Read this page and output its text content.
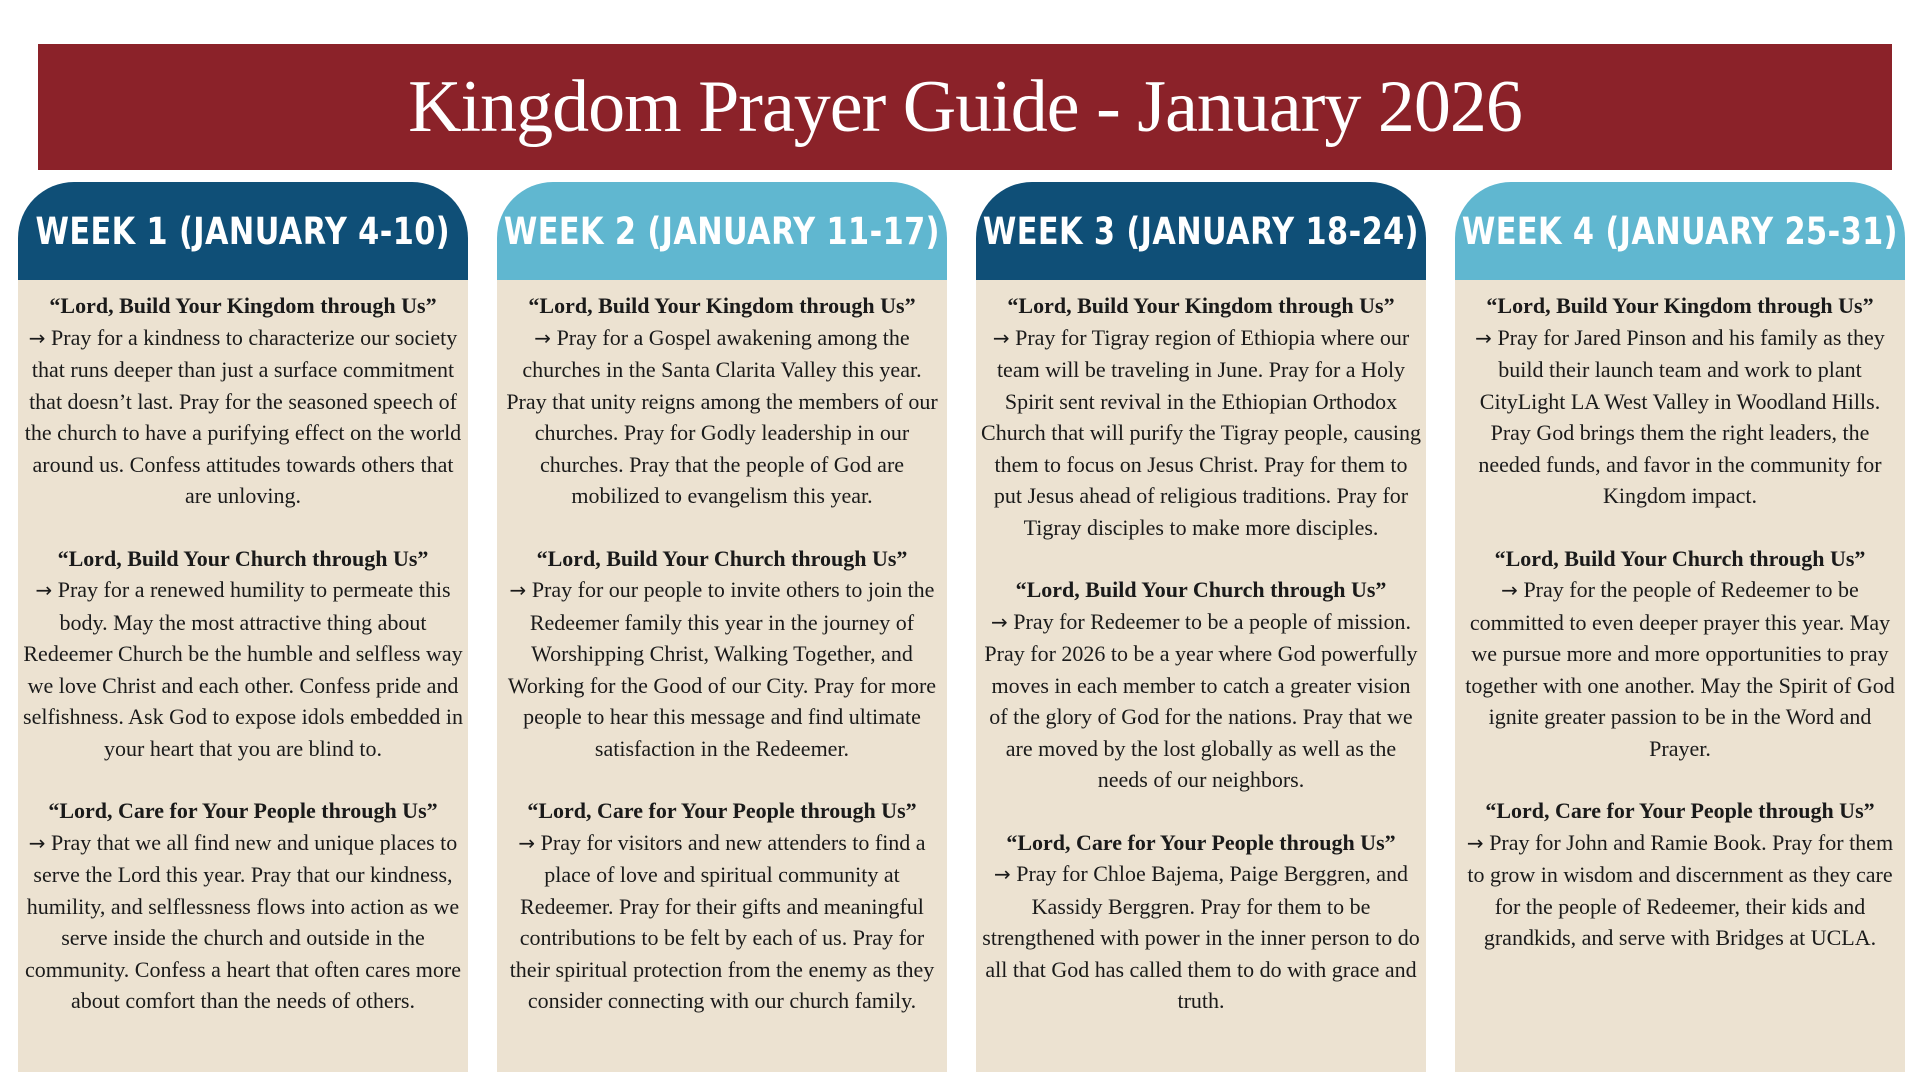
Kingdom Prayer Guide - January 2026
WEEK 1 (JANUARY 4-10)
“Lord, Build Your Kingdom through Us”
→ Pray for a kindness to characterize our society that runs deeper than just a surface commitment that doesn’t last. Pray for the seasoned speech of the church to have a purifying effect on the world around us. Confess attitudes towards others that are unloving.
“Lord, Build Your Church through Us”
→ Pray for a renewed humility to permeate this body. May the most attractive thing about Redeemer Church be the humble and selfless way we love Christ and each other. Confess pride and selfishness. Ask God to expose idols embedded in your heart that you are blind to.
“Lord, Care for Your People through Us”
→ Pray that we all find new and unique places to serve the Lord this year. Pray that our kindness, humility, and selflessness flows into action as we serve inside the church and outside in the community. Confess a heart that often cares more about comfort than the needs of others.
WEEK 2 (JANUARY 11-17)
“Lord, Build Your Kingdom through Us”
→ Pray for a Gospel awakening among the churches in the Santa Clarita Valley this year. Pray that unity reigns among the members of our churches. Pray for Godly leadership in our churches. Pray that the people of God are mobilized to evangelism this year.
“Lord, Build Your Church through Us”
→ Pray for our people to invite others to join the Redeemer family this year in the journey of Worshipping Christ, Walking Together, and Working for the Good of our City. Pray for more people to hear this message and find ultimate satisfaction in the Redeemer.
“Lord, Care for Your People through Us”
→ Pray for visitors and new attenders to find a place of love and spiritual community at Redeemer. Pray for their gifts and meaningful contributions to be felt by each of us. Pray for their spiritual protection from the enemy as they consider connecting with our church family.
WEEK 3 (JANUARY 18-24)
“Lord, Build Your Kingdom through Us”
→ Pray for Tigray region of Ethiopia where our team will be traveling in June. Pray for a Holy Spirit sent revival in the Ethiopian Orthodox Church that will purify the Tigray people, causing them to focus on Jesus Christ. Pray for them to put Jesus ahead of religious traditions. Pray for Tigray disciples to make more disciples.
“Lord, Build Your Church through Us”
→ Pray for Redeemer to be a people of mission. Pray for 2026 to be a year where God powerfully moves in each member to catch a greater vision of the glory of God for the nations. Pray that we are moved by the lost globally as well as the needs of our neighbors.
“Lord, Care for Your People through Us”
→ Pray for Chloe Bajema, Paige Berggren, and Kassidy Berggren. Pray for them to be strengthened with power in the inner person to do all that God has called them to do with grace and truth.
WEEK 4 (JANUARY 25-31)
“Lord, Build Your Kingdom through Us”
→ Pray for Jared Pinson and his family as they build their launch team and work to plant CityLight LA West Valley in Woodland Hills. Pray God brings them the right leaders, the needed funds, and favor in the community for Kingdom impact.
“Lord, Build Your Church through Us”
→ Pray for the people of Redeemer to be committed to even deeper prayer this year. May we pursue more and more opportunities to pray together with one another. May the Spirit of God ignite greater passion to be in the Word and Prayer.
“Lord, Care for Your People through Us”
→ Pray for John and Ramie Book. Pray for them to grow in wisdom and discernment as they care for the people of Redeemer, their kids and grandkids, and serve with Bridges at UCLA.
